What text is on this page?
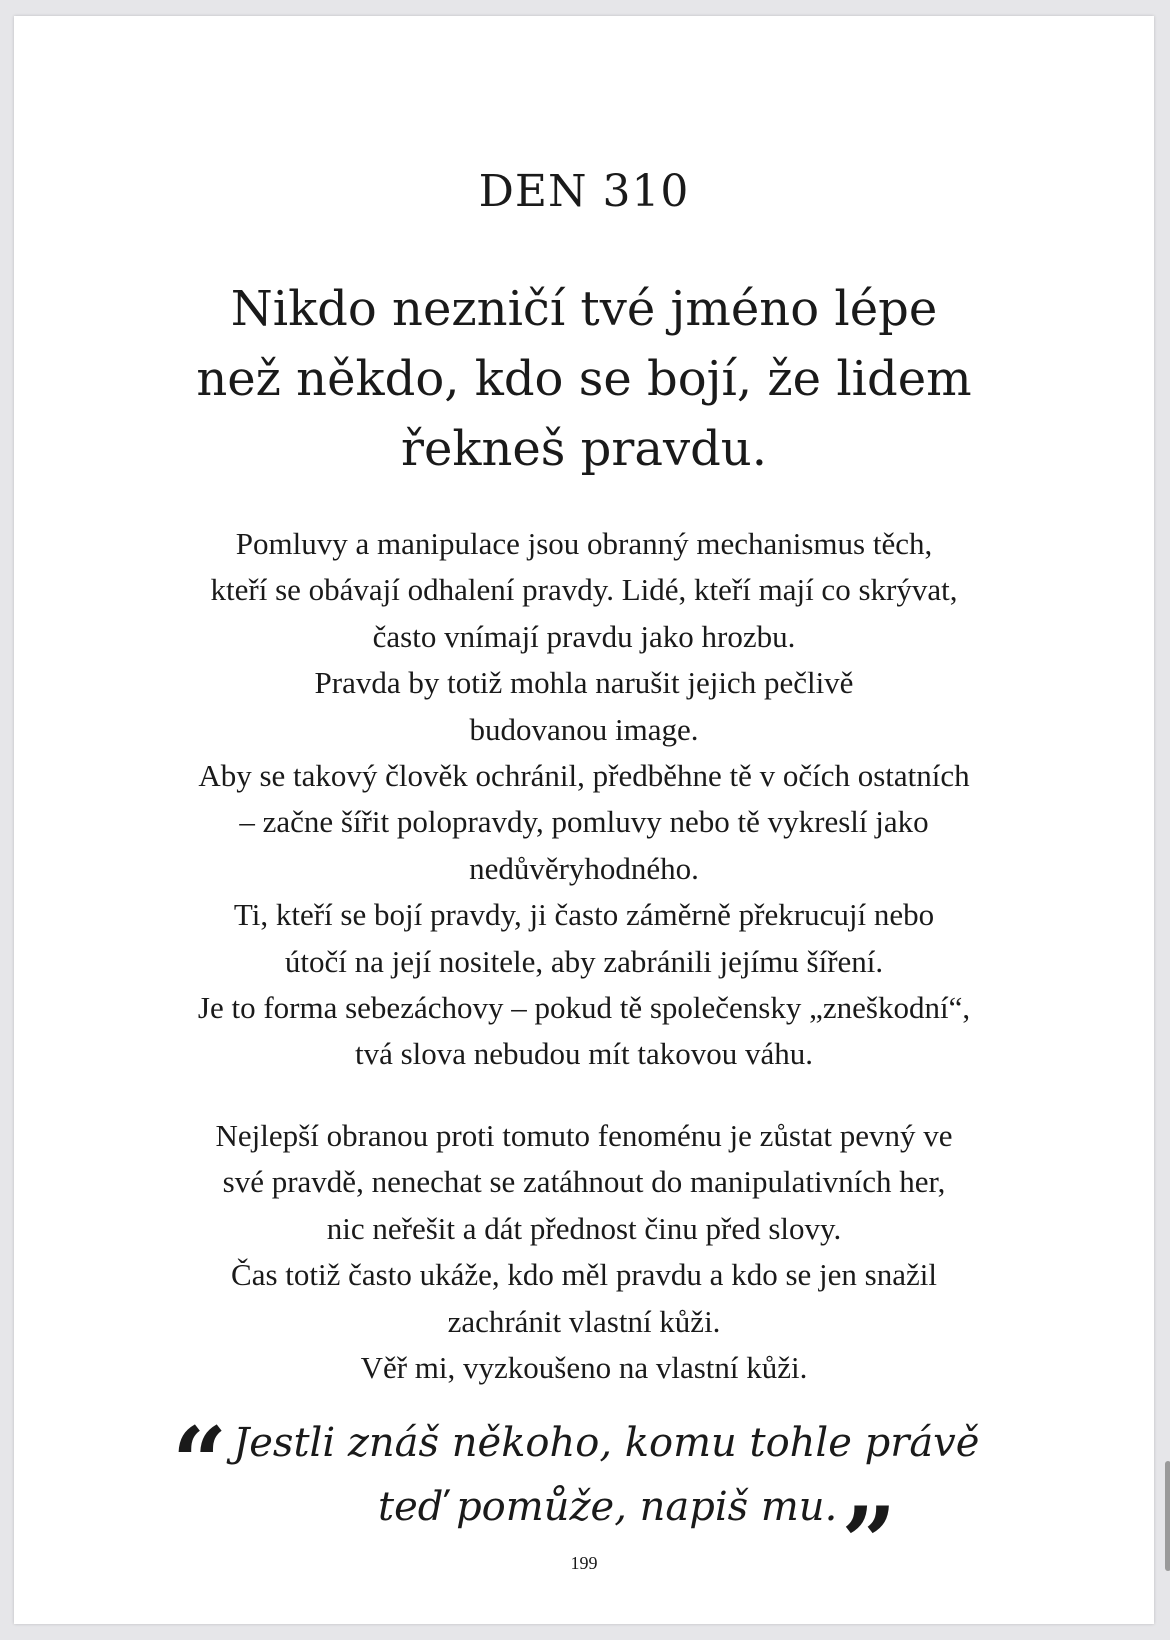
DEN 310
Nikdo nezničí tvé jméno lépe
než někdo, kdo se bojí, že lidem
řekneš pravdu.
Pomluvy a manipulace jsou obranný mechanismus těch,
kteří se obávají odhalení pravdy. Lidé, kteří mají co skrývat,
často vnímají pravdu jako hrozbu.
Pravda by totiž mohla narušit jejich pečlivě
budovanou image.
Aby se takový člověk ochránil, předběhne tě v očích ostatních
– začne šířit polopravdy, pomluvy nebo tě vykreslí jako
nedůvěryhodného.
Ti, kteří se bojí pravdy, ji často záměrně překrucují nebo
útočí na její nositele, aby zabránili jejímu šíření.
Je to forma sebezáchovy – pokud tě společensky „zneškodní“,
tvá slova nebudou mít takovou váhu.
Nejlepší obranou proti tomuto fenoménu je zůstat pevný ve
své pravdě, nenechat se zatáhnout do manipulativních her,
nic neřešit a dát přednost činu před slovy.
Čas totiž často ukáže, kdo měl pravdu a kdo se jen snažil
zachránit vlastní kůži.
Věř mi, vyzkoušeno na vlastní kůži.
“ Jestli znáš někoho, komu tohle právě
teď pomůže, napiš mu.”
199
